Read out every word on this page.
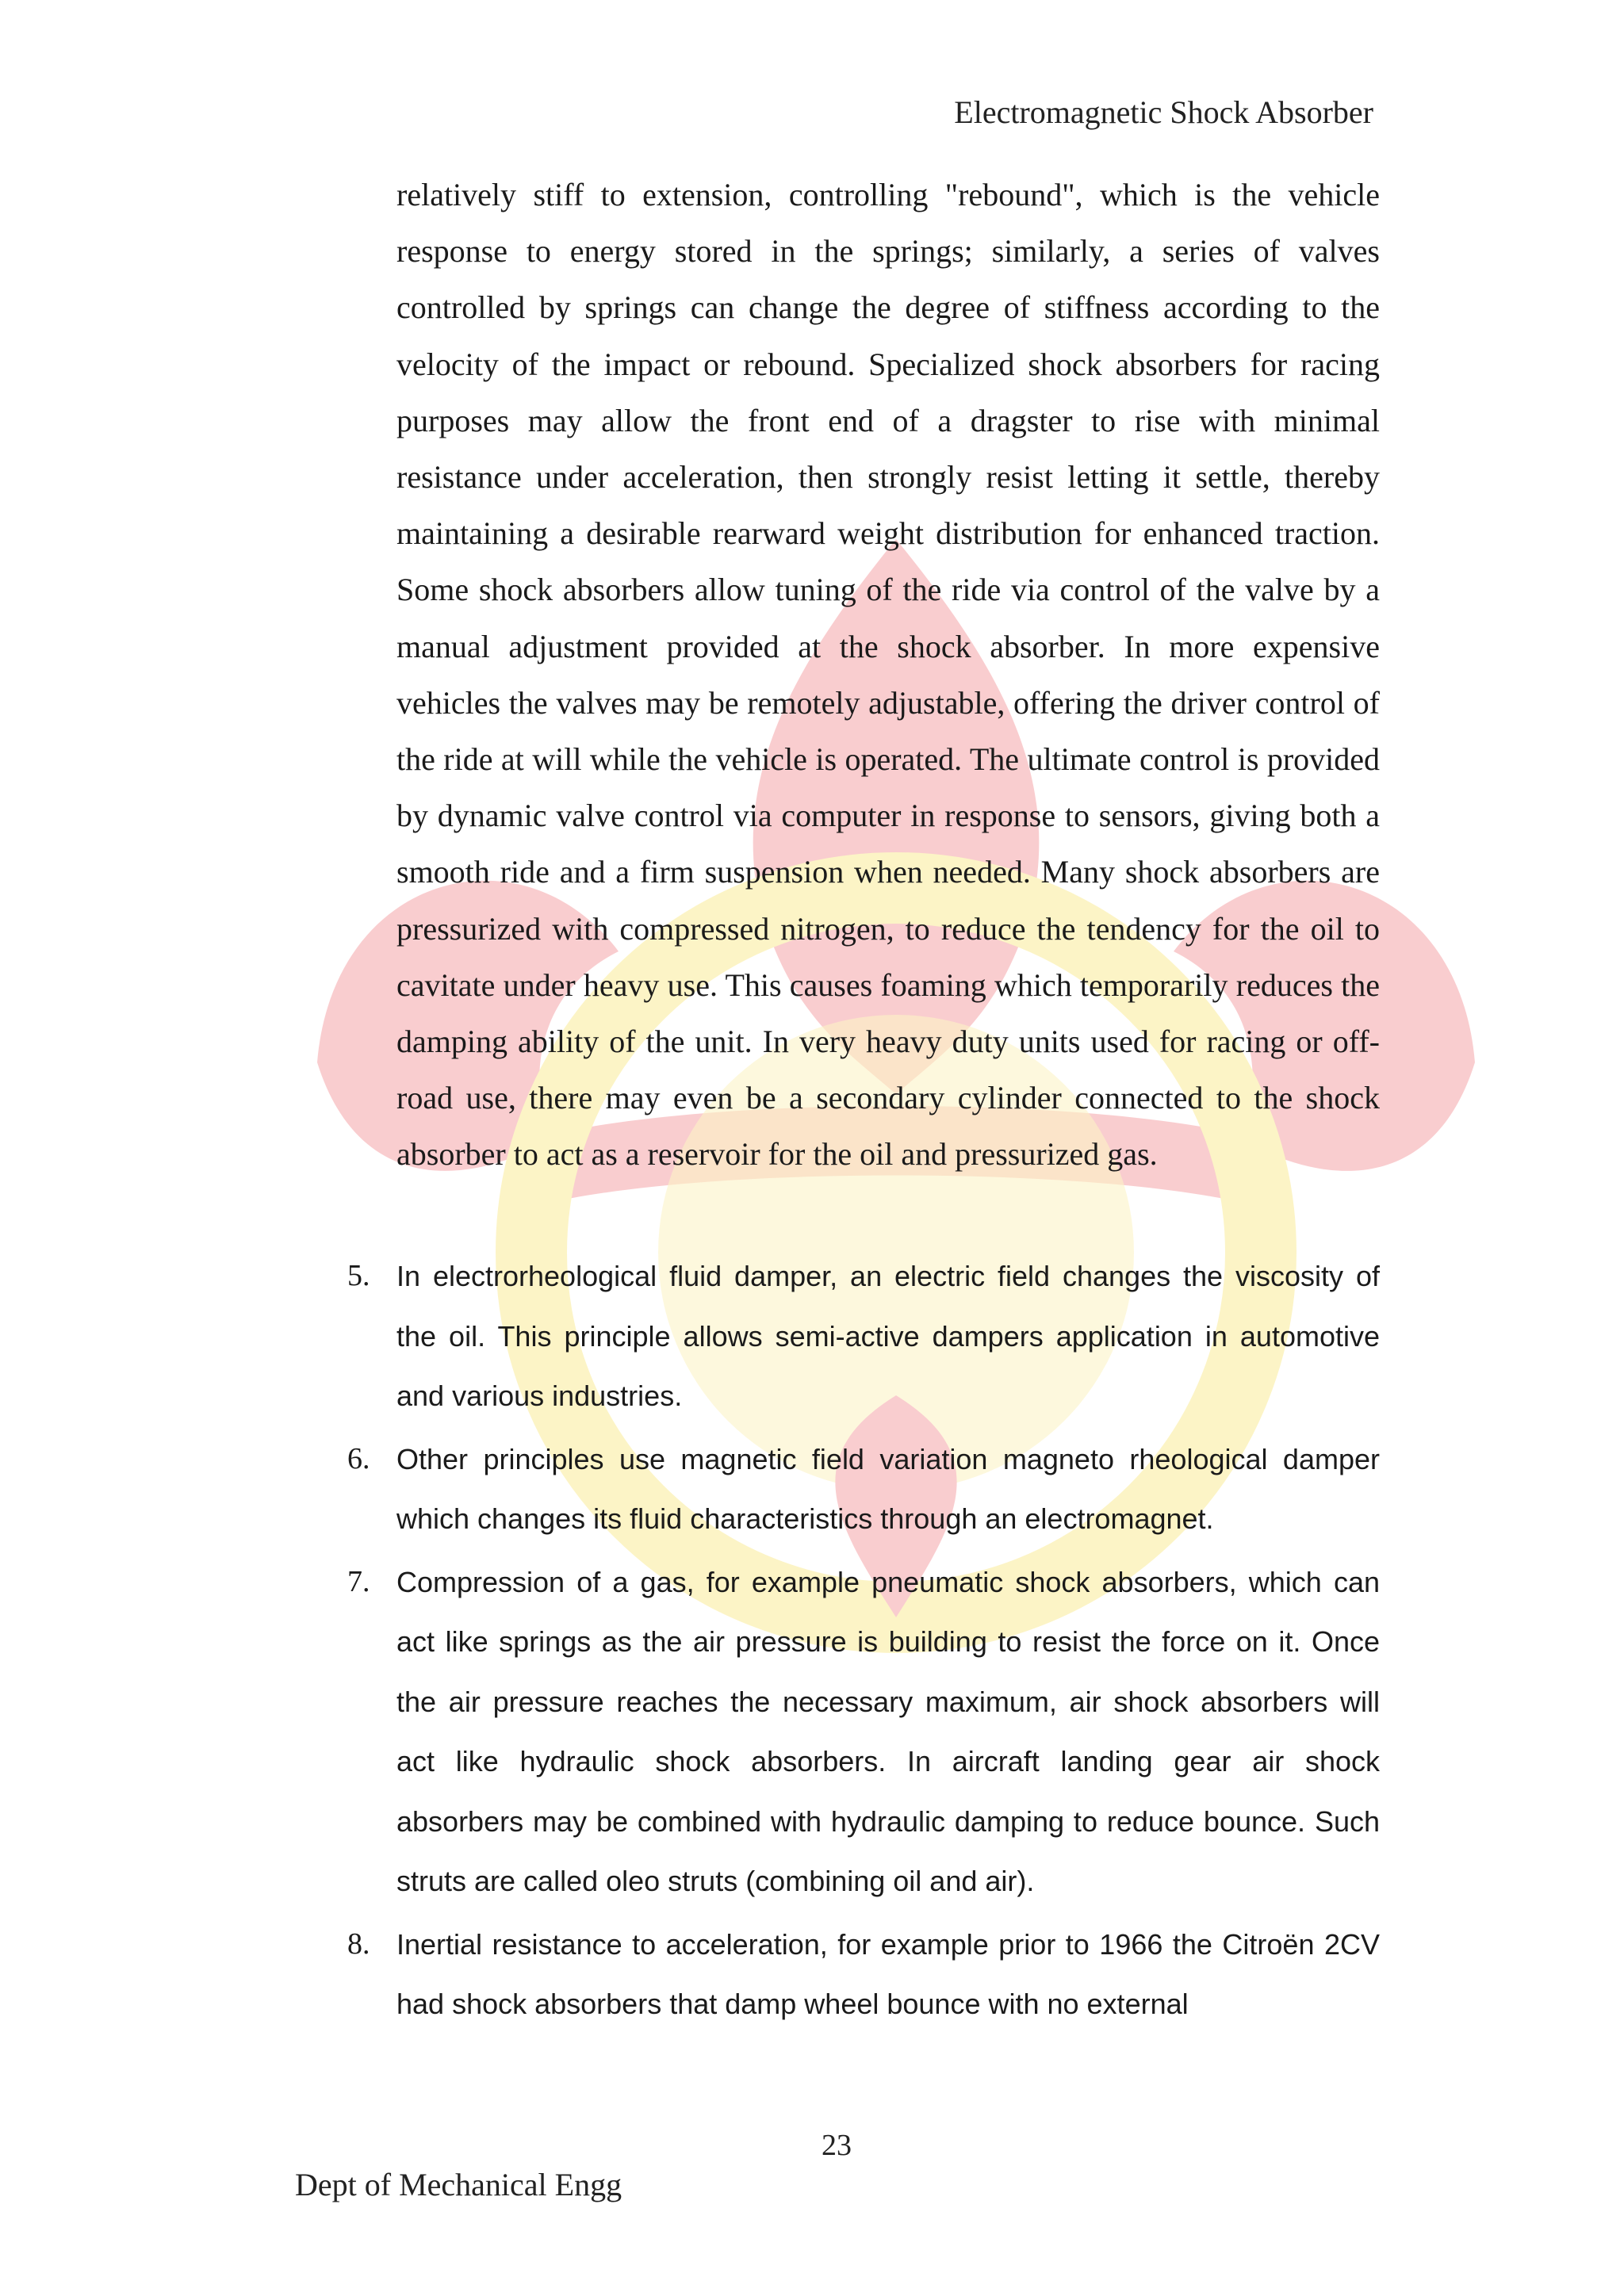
Electromagnetic Shock Absorber

relatively stiff to extension, controlling "rebound", which is the vehicle response to energy stored in the springs; similarly, a series of valves controlled by springs can change the degree of stiffness according to the velocity of the impact or rebound. Specialized shock absorbers for racing purposes may allow the front end of a dragster to rise with minimal resistance under acceleration, then strongly resist letting it settle, thereby maintaining a desirable rearward weight distribution for enhanced traction. Some shock absorbers allow tuning of the ride via control of the valve by a manual adjustment provided at the shock absorber. In more expensive vehicles the valves may be remotely adjustable, offering the driver control of the ride at will while the vehicle is operated. The ultimate control is provided by dynamic valve control via computer in response to sensors, giving both a smooth ride and a firm suspension when needed. Many shock absorbers are pressurized with compressed nitrogen, to reduce the tendency for the oil to cavitate under heavy use. This causes foaming which temporarily reduces the damping ability of the unit. In very heavy duty units used for racing or off-road use, there may even be a secondary cylinder connected to the shock absorber to act as a reservoir for the oil and pressurized gas.

5. In electrorheological fluid damper, an electric field changes the viscosity of the oil. This principle allows semi-active dampers application in automotive and various industries.
6. Other principles use magnetic field variation magneto rheological damper which changes its fluid characteristics through an electromagnet.
7. Compression of a gas, for example pneumatic shock absorbers, which can act like springs as the air pressure is building to resist the force on it. Once the air pressure reaches the necessary maximum, air shock absorbers will act like hydraulic shock absorbers. In aircraft landing gear air shock absorbers may be combined with hydraulic damping to reduce bounce. Such struts are called oleo struts (combining oil and air).
8. Inertial resistance to acceleration, for example prior to 1966 the Citroën 2CV had shock absorbers that damp wheel bounce with no external
23
Dept of Mechanical Engg
